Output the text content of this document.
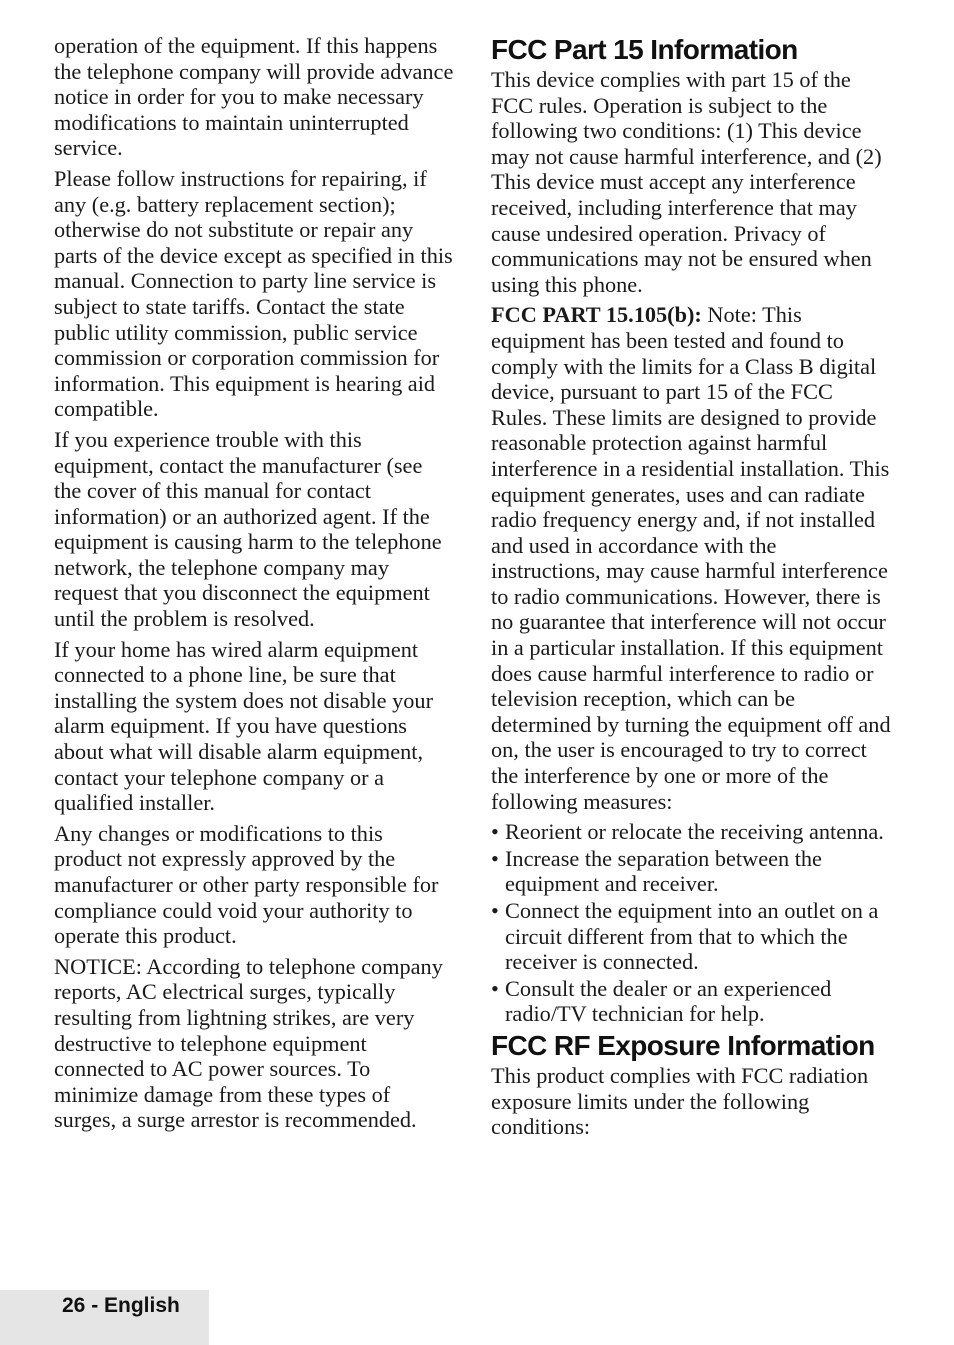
operation of the equipment. If this happens the telephone company will provide advance notice in order for you to make necessary modifications to maintain uninterrupted service.

Please follow instructions for repairing, if any (e.g. battery replacement section); otherwise do not substitute or repair any parts of the device except as specified in this manual. Connection to party line service is subject to state tariffs. Contact the state public utility commission, public service commission or corporation commission for information. This equipment is hearing aid compatible.

If you experience trouble with this equipment, contact the manufacturer (see the cover of this manual for contact information) or an authorized agent. If the equipment is causing harm to the telephone network, the telephone company may request that you disconnect the equipment until the problem is resolved.

If your home has wired alarm equipment connected to a phone line, be sure that installing the system does not disable your alarm equipment. If you have questions about what will disable alarm equipment, contact your telephone company or a qualified installer.

Any changes or modifications to this product not expressly approved by the manufacturer or other party responsible for compliance could void your authority to operate this product.

NOTICE: According to telephone company reports, AC electrical surges, typically resulting from lightning strikes, are very destructive to telephone equipment connected to AC power sources. To minimize damage from these types of surges, a surge arrestor is recommended.

FCC Part 15 Information

This device complies with part 15 of the FCC rules. Operation is subject to the following two conditions: (1) This device may not cause harmful interference, and (2) This device must accept any interference received, including interference that may cause undesired operation. Privacy of communications may not be ensured when using this phone.

FCC PART 15.105(b): Note: This equipment has been tested and found to comply with the limits for a Class B digital device, pursuant to part 15 of the FCC Rules. These limits are designed to provide reasonable protection against harmful interference in a residential installation. This equipment generates, uses and can radiate radio frequency energy and, if not installed and used in accordance with the instructions, may cause harmful interference to radio communications. However, there is no guarantee that interference will not occur in a particular installation. If this equipment does cause harmful interference to radio or television reception, which can be determined by turning the equipment off and on, the user is encouraged to try to correct the interference by one or more of the following measures:

• Reorient or relocate the receiving antenna.
• Increase the separation between the equipment and receiver.
• Connect the equipment into an outlet on a circuit different from that to which the receiver is connected.
• Consult the dealer or an experienced radio/TV technician for help.
FCC RF Exposure Information

This product complies with FCC radiation exposure limits under the following conditions:

26 - English
